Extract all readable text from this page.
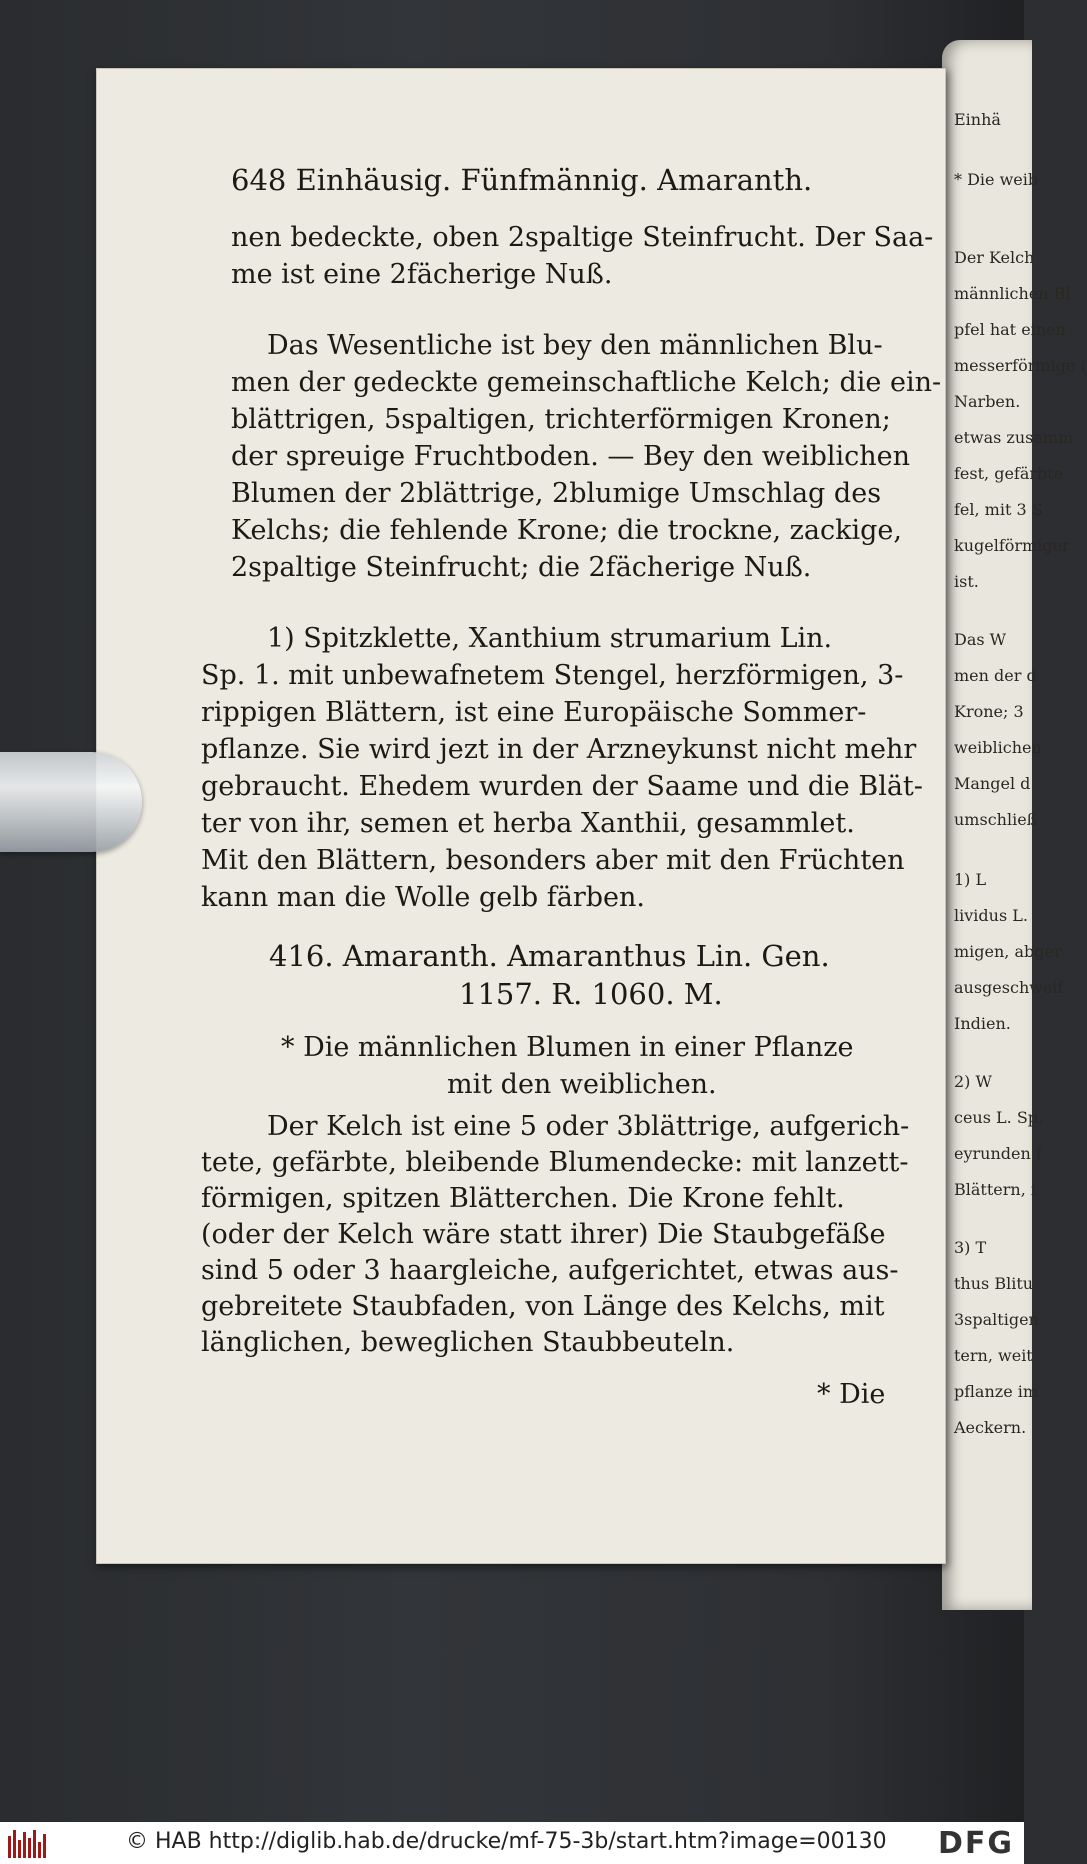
Einhä
* Die weib
Der Kelch
männlichen Bl
pfel hat einen
messerförmige (
Narben.
etwas zusamm
fest, gefärbte
fel, mit 3 S
kugelförmiger
ist.
Das W
men der d
Krone; 3
weiblichen
Mangel d
umschließ
1) L
lividus L.
migen, abger
ausgeschweif
Indien.
2) W
ceus L. Sp.
eyrunden f
Blättern, i
3) T
thus Blitu
3spaltigen
tern, weit
pflanze im
Aeckern.
648 Einhäusig. Fünfmännig. Amaranth.
nen bedeckte, oben 2spaltige Steinfrucht. Der Saa-
me ist eine 2fächerige Nuß.
Das Wesentliche ist bey den männlichen Blu-
men der gedeckte gemeinschaftliche Kelch; die ein-
blättrigen, 5spaltigen, trichterförmigen Kronen;
der spreuige Fruchtboden. — Bey den weiblichen
Blumen der 2blättrige, 2blumige Umschlag des
Kelchs; die fehlende Krone; die trockne, zackige,
2spaltige Steinfrucht; die 2fächerige Nuß.
1) Spitzklette, Xanthium strumarium Lin.
Sp. 1. mit unbewafnetem Stengel, herzförmigen, 3-
rippigen Blättern, ist eine Europäische Sommer-
pflanze. Sie wird jezt in der Arzneykunst nicht mehr
gebraucht. Ehedem wurden der Saame und die Blät-
ter von ihr, semen et herba Xanthii, gesammlet.
Mit den Blättern, besonders aber mit den Früchten
kann man die Wolle gelb färben.
416. Amaranth. Amaranthus Lin. Gen.
1157. R. 1060. M.
* Die männlichen Blumen in einer Pflanze
mit den weiblichen.
Der Kelch ist eine 5 oder 3blättrige, aufgerich-
tete, gefärbte, bleibende Blumendecke: mit lanzett-
förmigen, spitzen Blätterchen. Die Krone fehlt.
(oder der Kelch wäre statt ihrer) Die Staubgefäße
sind 5 oder 3 haargleiche, aufgerichtet, etwas aus-
gebreitete Staubfaden, von Länge des Kelchs, mit
länglichen, beweglichen Staubbeuteln.
* Die
© HAB http://diglib.hab.de/drucke/mf-75-3b/start.htm?image=00130 DFG
